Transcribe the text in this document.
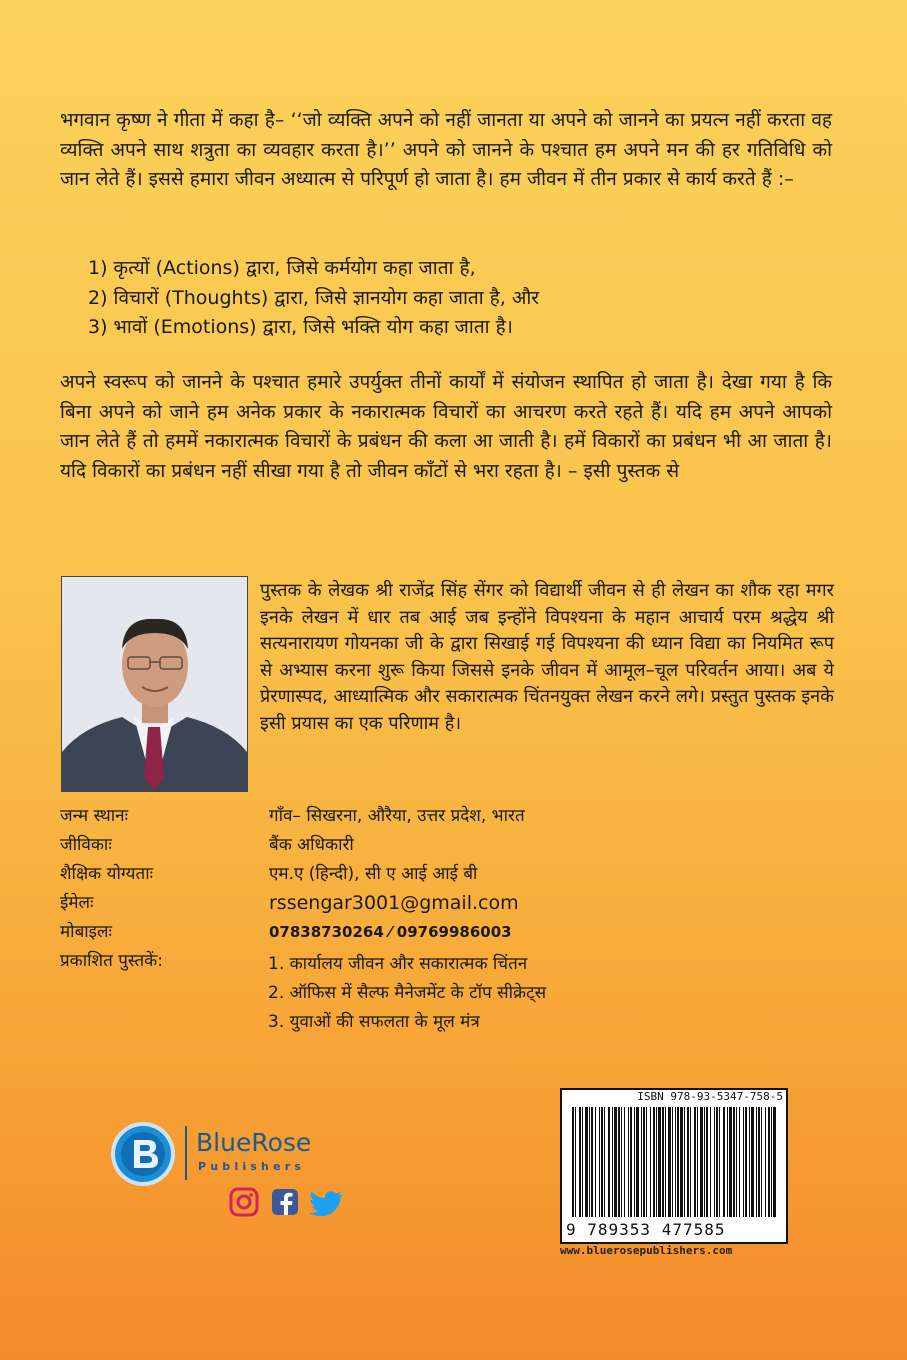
भगवान कृष्ण ने गीता में कहा है– ‘‘जो व्यक्ति अपने को नहीं जानता या अपने को जानने का प्रयत्न नहीं करता वह व्यक्ति अपने साथ शत्रुता का व्यवहार करता है।’’ अपने को जानने के पश्चात हम अपने मन की हर गतिविधि को जान लेते हैं। इससे हमारा जीवन अध्यात्म से परिपूर्ण हो जाता है। हम जीवन में तीन प्रकार से कार्य करते हैं :–

1) कृत्यों (Actions) द्वारा, जिसे कर्मयोग कहा जाता है,
2) विचारों (Thoughts) द्वारा, जिसे ज्ञानयोग कहा जाता है, और
3) भावों (Emotions) द्वारा, जिसे भक्ति योग कहा जाता है।

अपने स्वरूप को जानने के पश्चात हमारे उपर्युक्त तीनों कार्यों में संयोजन स्थापित हो जाता है। देखा गया है कि बिना अपने को जाने हम अनेक प्रकार के नकारात्मक विचारों का आचरण करते रहते हैं। यदि हम अपने आपको जान लेते हैं तो हममें नकारात्मक विचारों के प्रबंधन की कला आ जाती है। हमें विकारों का प्रबंधन भी आ जाता है। यदि विकारों का प्रबंधन नहीं सीखा गया है तो जीवन काँटों से भरा रहता है। – इसी पुस्तक से

पुस्तक के लेखक श्री राजेंद्र सिंह सेंगर को विद्यार्थी जीवन से ही लेखन का शौक रहा मगर इनके लेखन में धार तब आई जब इन्होंने विपश्यना के महान आचार्य परम श्रद्धेय श्री सत्यनारायण गोयनका जी के द्वारा सिखाई गई विपश्यना की ध्यान विद्या का नियमित रूप से अभ्यास करना शुरू किया जिससे इनके जीवन में आमूल–चूल परिवर्तन आया। अब ये प्रेरणास्पद, आध्यात्मिक और सकारात्मक चिंतनयुक्त लेखन करने लगे। प्रस्तुत पुस्तक इनके इसी प्रयास का एक परिणाम है।

जन्म स्थानः	गाँव– सिखरना, औरैया, उत्तर प्रदेश, भारत
जीविकाः	बैंक अधिकारी
शैक्षिक योग्यताः	एम.ए (हिन्दी), सी ए आई आई बी
ईमेलः	rssengar3001@gmail.com
मोबाइलः	07838730264 ⁄ 09769986003
प्रकाशित पुस्तकें:	1. कार्यालय जीवन और सकारात्मक चिंतन
2. ऑफिस में सैल्फ मैनेजमेंट के टॉप सीक्रेट्स
3. युवाओं की सफलता के मूल मंत्र
BlueRose
Publishers
ISBN 978-93-5347-758-5
9 789353 477585
www.bluerosepublishers.com
